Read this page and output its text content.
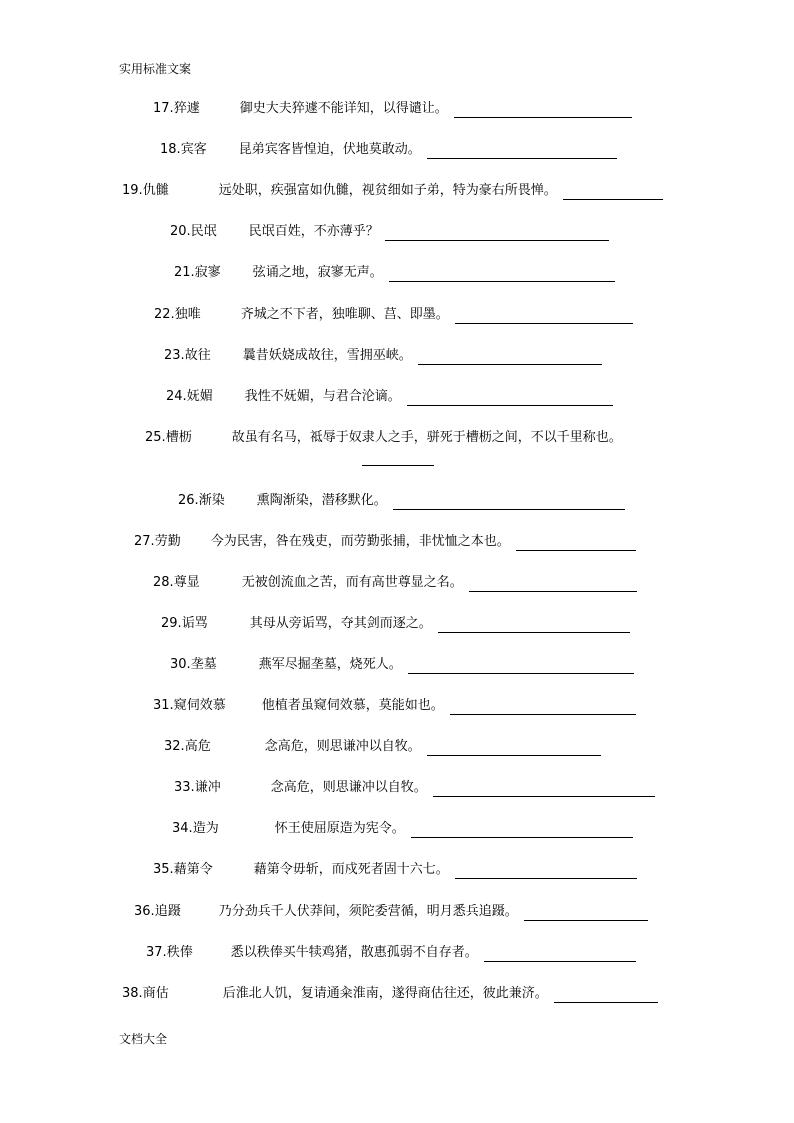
实用标准文案
17.猝遽	御史大夫猝遽不能详知，以得谴让。
18.宾客 昆弟宾客皆惶迫，伏地莫敢动。
19.仇雠	远处职，疾强富如仇雠，视贫细如子弟，特为豪右所畏惮。
20.民氓 民氓百姓，不亦薄乎？
21.寂寥 弦诵之地，寂寥无声。
22.独唯	齐城之不下者，独唯聊、莒、即墨。
23.故往 曩昔妖娆成故往，雪拥巫峡。
24.妩媚 我性不妩媚，与君合沦谪。
25.槽枥	故虽有名马，祗辱于奴隶人之手，骈死于槽枥之间，不以千里称也。
26.渐染 熏陶渐染，潜移默化。
27.劳勤 今为民害，咎在残吏，而劳勤张捕，非忧恤之本也。
28.尊显	无被创流血之苦，而有高世尊显之名。
29.诟骂	其母从旁诟骂，夺其剑而逐之。
30.垄墓	燕军尽掘垄墓，烧死人。
31.窥伺效慕	他植者虽窥伺效慕，莫能如也。
32.高危	念高危，则思谦冲以自牧。
33.谦冲	念高危，则思谦冲以自牧。
34.造为	怀王使屈原造为宪令。
35.藉第令	藉第令毋斩，而戍死者固十六七。
36.追蹑	乃分劲兵千人伏莽间，须陀委营循，明月悉兵追蹑。
37.秩俸	悉以秩俸买牛犊鸡猪，散惠孤弱不自存者。
38.商估	后淮北人饥，复请通籴淮南，遂得商估往还，彼此兼济。
文档大全
